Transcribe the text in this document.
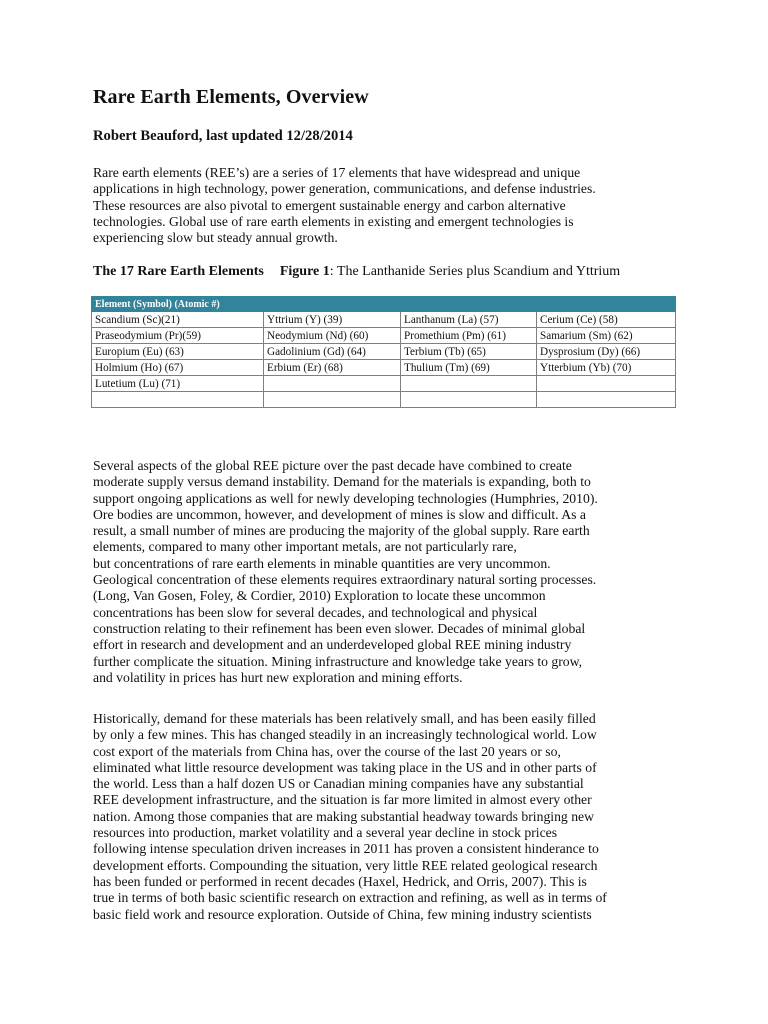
Rare Earth Elements, Overview

Robert Beauford, last updated 12/28/2014

Rare earth elements (REE’s) are a series of 17 elements that have widespread and unique
applications in high technology, power generation, communications, and defense industries.
These resources are also pivotal to emergent sustainable energy and carbon alternative
technologies. Global use of rare earth elements in existing and emergent technologies is
experiencing slow but steady annual growth.

The 17 Rare Earth Elements Figure 1: The Lanthanide Series plus Scandium and Yttrium

Element (Symbol) (Atomic #)			
Scandium (Sc)(21)	Yttrium (Y) (39)	Lanthanum (La) (57)	Cerium (Ce) (58)
Praseodymium (Pr)(59)	Neodymium (Nd) (60)	Promethium (Pm) (61)	Samarium (Sm) (62)
Europium (Eu) (63)	Gadolinium (Gd) (64)	Terbium (Tb) (65)	Dysprosium (Dy) (66)
Holmium (Ho) (67)	Erbium (Er) (68)	Thulium (Tm) (69)	Ytterbium (Yb) (70)
Lutetium (Lu) (71)			

Several aspects of the global REE picture over the past decade have combined to create
moderate supply versus demand instability. Demand for the materials is expanding, both to
support ongoing applications as well for newly developing technologies (Humphries, 2010).
Ore bodies are uncommon, however, and development of mines is slow and difficult. As a
result, a small number of mines are producing the majority of the global supply. Rare earth
elements, compared to many other important metals, are not particularly rare,
but concentrations of rare earth elements in minable quantities are very uncommon.
Geological concentration of these elements requires extraordinary natural sorting processes.
(Long, Van Gosen, Foley, & Cordier, 2010) Exploration to locate these uncommon
concentrations has been slow for several decades, and technological and physical
construction relating to their refinement has been even slower. Decades of minimal global
effort in research and development and an underdeveloped global REE mining industry
further complicate the situation. Mining infrastructure and knowledge take years to grow,
and volatility in prices has hurt new exploration and mining efforts.

Historically, demand for these materials has been relatively small, and has been easily filled
by only a few mines. This has changed steadily in an increasingly technological world. Low
cost export of the materials from China has, over the course of the last 20 years or so,
eliminated what little resource development was taking place in the US and in other parts of
the world. Less than a half dozen US or Canadian mining companies have any substantial
REE development infrastructure, and the situation is far more limited in almost every other
nation. Among those companies that are making substantial headway towards bringing new
resources into production, market volatility and a several year decline in stock prices
following intense speculation driven increases in 2011 has proven a consistent hinderance to
development efforts. Compounding the situation, very little REE related geological research
has been funded or performed in recent decades (Haxel, Hedrick, and Orris, 2007). This is
true in terms of both basic scientific research on extraction and refining, as well as in terms of
basic field work and resource exploration. Outside of China, few mining industry scientists
